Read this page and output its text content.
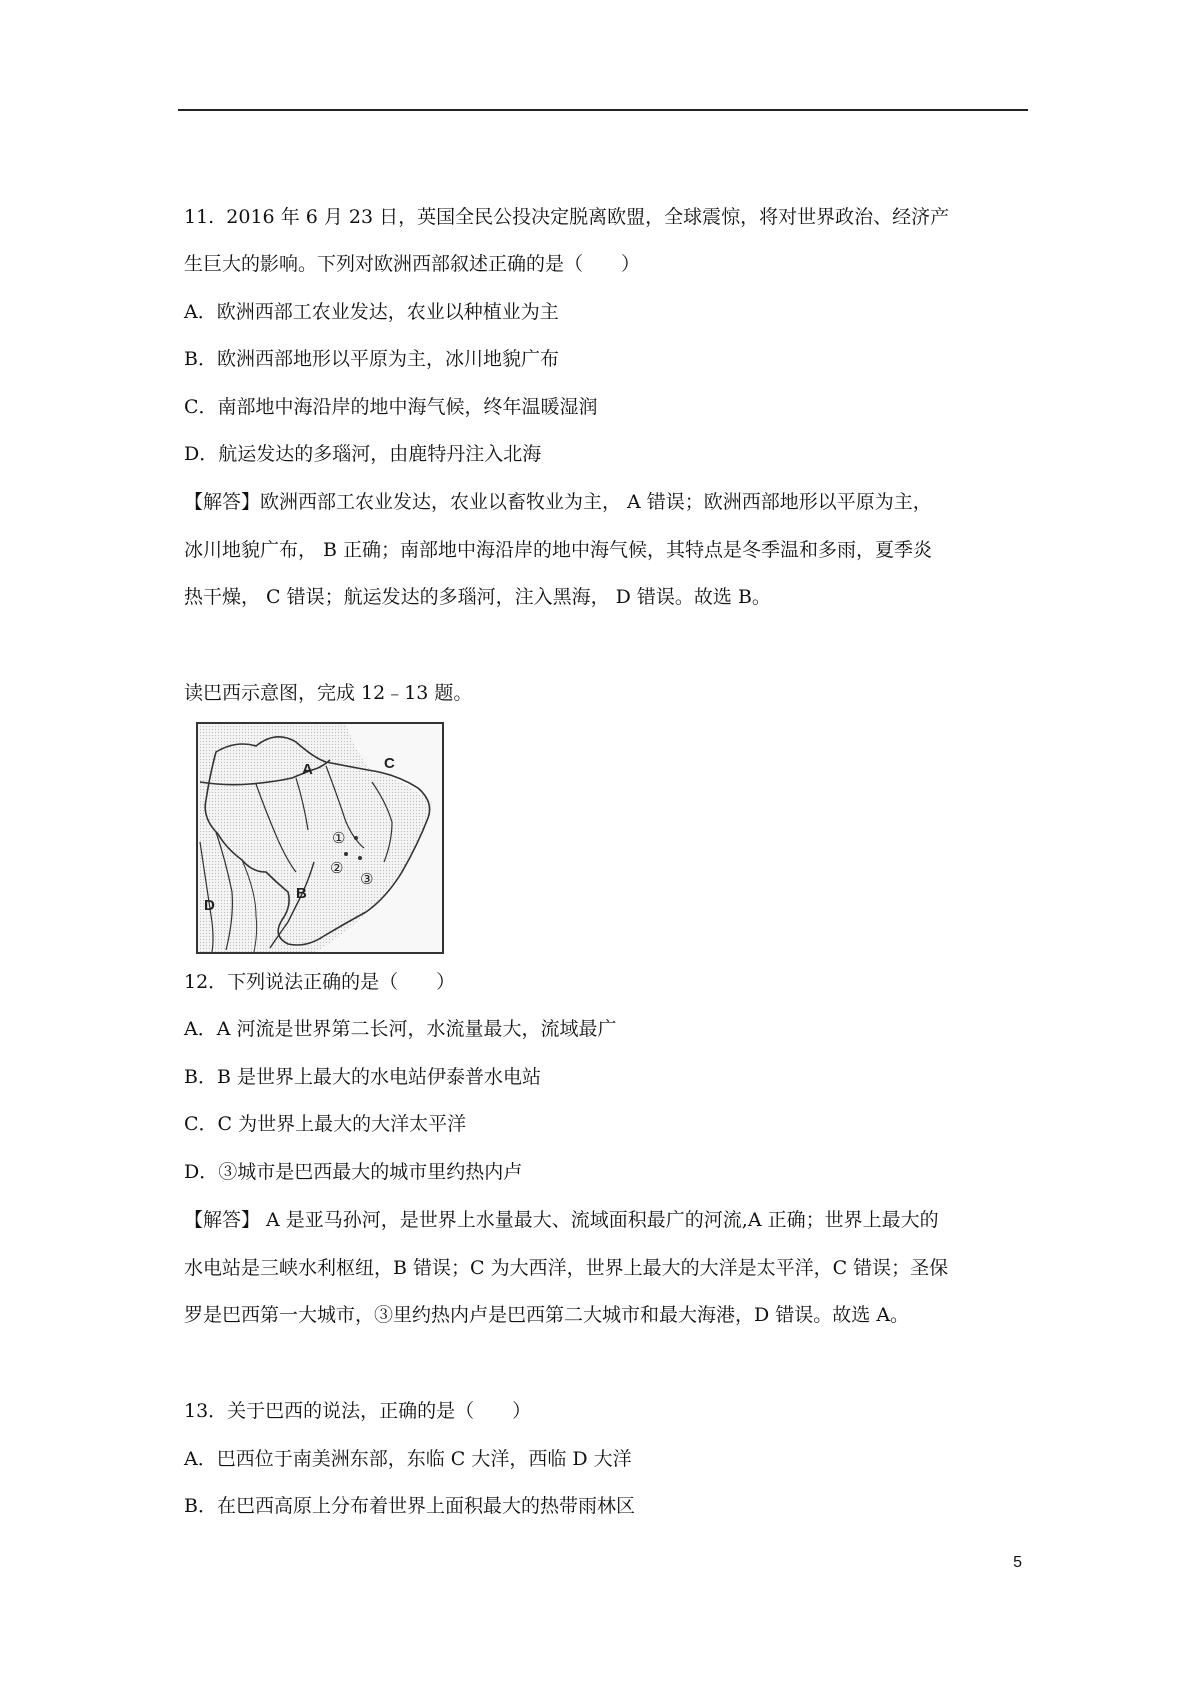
11.  2016 年 6 月 23 日，英国全民公投决定脱离欧盟，全球震惊，将对世界政治、经济产
生巨大的影响。下列对欧洲西部叙述正确的是（　　）
A．欧洲西部工农业发达，农业以种植业为主
B．欧洲西部地形以平原为主，冰川地貌广布
C．南部地中海沿岸的地中海气候，终年温暖湿润
D．航运发达的多瑙河，由鹿特丹注入北海
【解答】欧洲西部工农业发达，农业以畜牧业为主， A 错误；欧洲西部地形以平原为主，
冰川地貌广布， B 正确；南部地中海沿岸的地中海气候，其特点是冬季温和多雨，夏季炎
热干燥， C 错误；航运发达的多瑙河，注入黑海， D 错误。故选 B。
读巴西示意图，完成 12﹣13 题。
A	C
B
D
①
②
③
12．下列说法正确的是（　　）
A．A 河流是世界第二长河，水流量最大，流域最广
B．B 是世界上最大的水电站伊泰普水电站
C．C 为世界上最大的大洋太平洋
D．③城市是巴西最大的城市里约热内卢
【解答】 A 是亚马孙河，是世界上水量最大、流域面积最广的河流,A 正确；世界上最大的
水电站是三峡水利枢纽，B 错误；C 为大西洋，世界上最大的大洋是太平洋，C 错误；圣保
罗是巴西第一大城市，③里约热内卢是巴西第二大城市和最大海港，D 错误。故选 A。
13．关于巴西的说法，正确的是（　　）
A．巴西位于南美洲东部，东临 C 大洋，西临 D 大洋
B．在巴西高原上分布着世界上面积最大的热带雨林区
5
